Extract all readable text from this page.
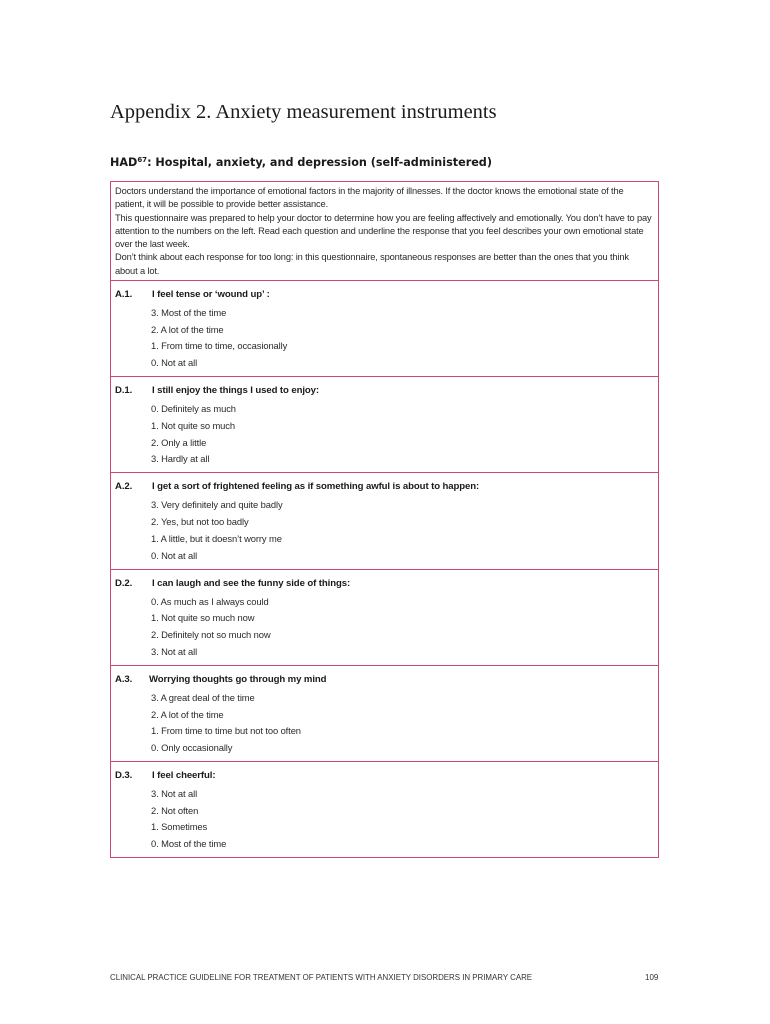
Appendix 2. Anxiety measurement instruments
HAD$^{67}$: Hospital, anxiety, and depression (self-administered)

Doctors understand the importance of emotional factors in the majority of illnesses. If the doctor knows the emotional state of the patient, it will be possible to provide better assistance.

This questionnaire was prepared to help your doctor to determine how you are feeling affectively and emotionally. You don’t have to pay attention to the numbers on the left. Read each question and underline the response that you feel describes your own emotional state over the last week.

Don’t think about each response for too long: in this questionnaire, spontaneous responses are better than the ones that you think about a lot.

A.1. I feel tense or ‘wound up’ :
3. Most of the time
2. A lot of the time
1. From time to time, occasionally
0. Not at all
D.1. I still enjoy the things I used to enjoy:
0. Definitely as much
1. Not quite so much
2. Only a little
3. Hardly at all
A.2. I get a sort of frightened feeling as if something awful is about to happen:
3. Very definitely and quite badly
2. Yes, but not too badly
1. A little, but it doesn’t worry me
0. Not at all
D.2. I can laugh and see the funny side of things:
0. As much as I always could
1. Not quite so much now
2. Definitely not so much now
3. Not at all
A.3. Worrying thoughts go through my mind
3. A great deal of the time
2. A lot of the time
1. From time to time but not too often
0. Only occasionally
D.3. I feel cheerful:
3. Not at all
2. Not often
1. Sometimes
0. Most of the time
CLINICAL PRACTICE GUIDELINE FOR TREATMENT OF PATIENTS WITH ANXIETY DISORDERS IN PRIMARY CARE	109
